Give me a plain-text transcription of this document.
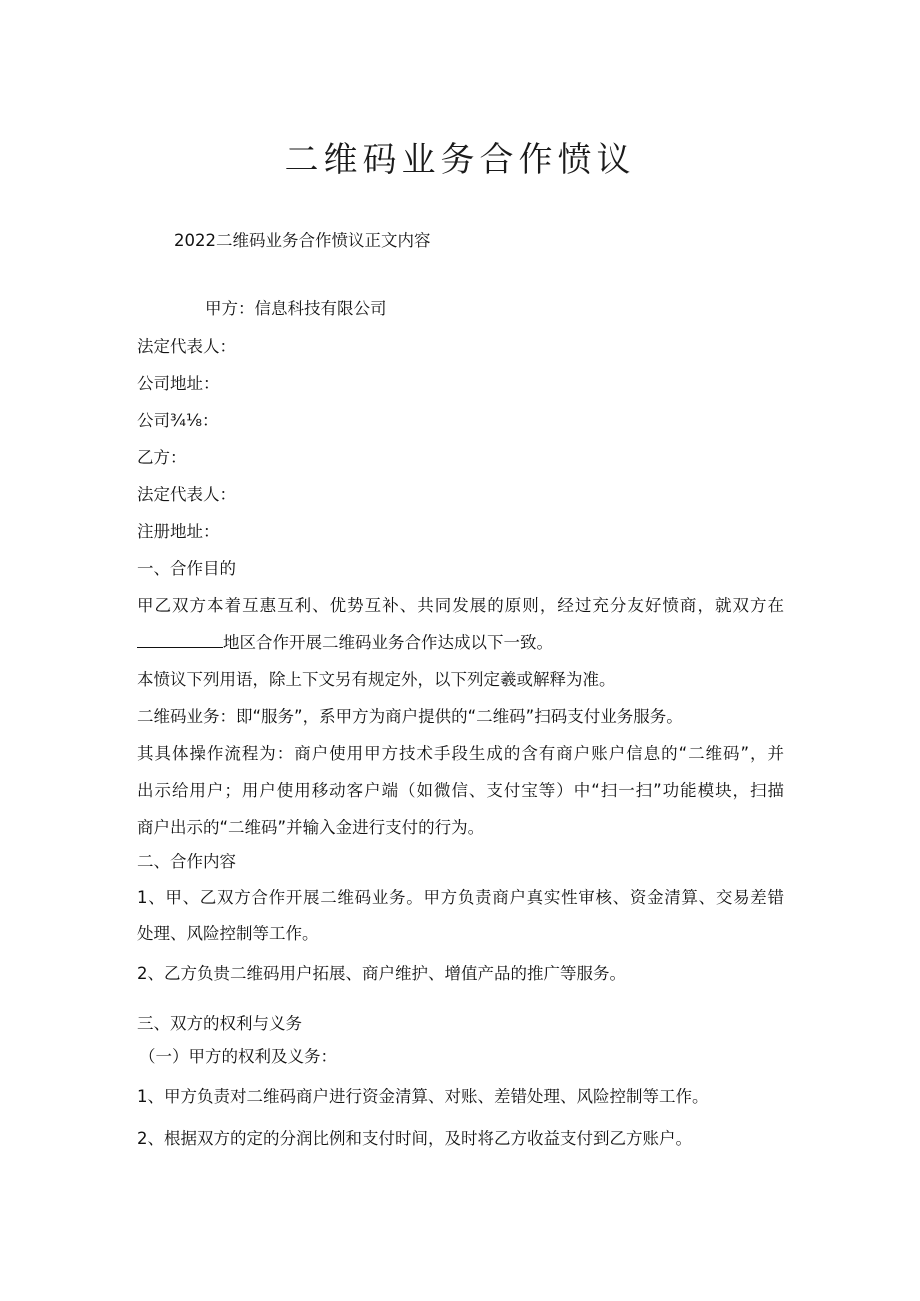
二维码业务合作愤议
2022二维码业务合作愤议正文内容
甲方：信息科技有限公司
法定代表人：
公司地址：
公司¾⅛：
乙方：
法定代表人：
注册地址：
一、合作目的
甲乙双方本着互惠互利、优势互补、共同发展的原则，经过充分友好愤商，就双方在
地区合作开展二维码业务合作达成以下一致。
本愤议下列用语，除上下文另有规定外，以下列定羲或解释为准。
二维码业务：即“服务”，系甲方为商户提供的“二维码”扫码支付业务服务。
其具体操作流程为：商户使用甲方技术手段生成的含有商户账户信息的“二维码”，并
出示给用户；用户使用移动客户端（如微信、支付宝等）中“扫一扫”功能模块，扫描
商户出示的“二维码”并输入金进行支付的行为。
二、合作内容
1、甲、乙双方合作开展二维码业务。甲方负责商户真实性审核、资金清算、交易差错
处理、风险控制等工作。
2、乙方负贵二维码用户拓展、商户维护、增值产品的推广等服务。
三、双方的权利与义务
（一）甲方的权利及义务：
1、甲方负责对二维码商户进行资金清算、对账、差错处理、风险控制等工作。
2、根据双方的定的分润比例和支付时间，及时将乙方收益支付到乙方账户。
